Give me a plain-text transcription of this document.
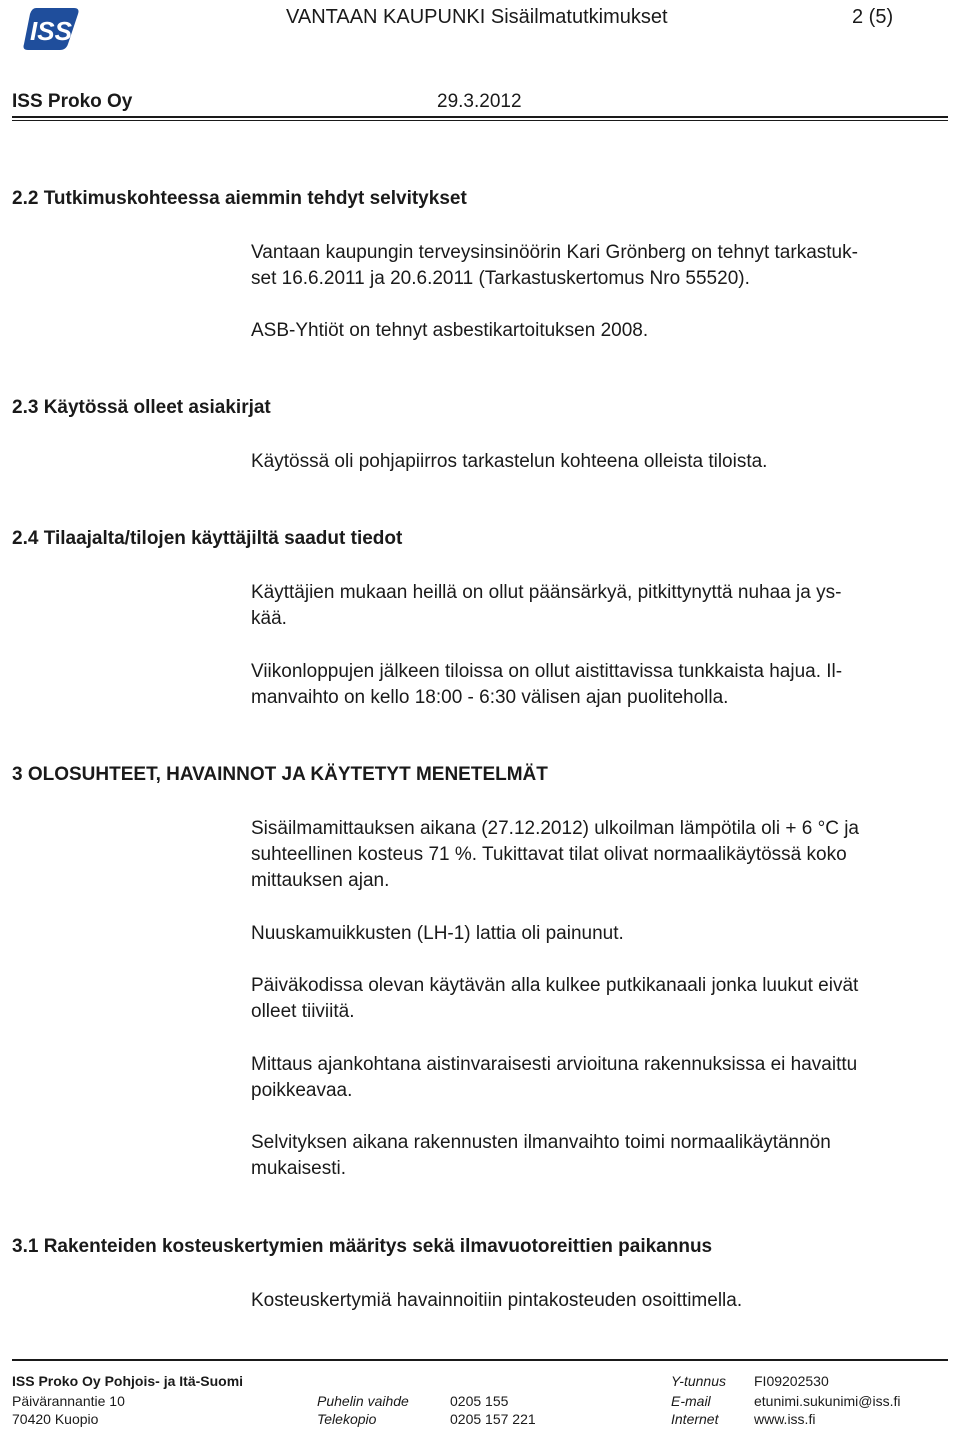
ISS	VANTAAN KAUPUNKI Sisäilmatutkimukset	2 (5)
ISS Proko Oy	29.3.2012
2.2 Tutkimuskohteessa aiemmin tehdyt selvitykset
Vantaan kaupungin terveysinsinöörin Kari Grönberg on tehnyt tarkastuk-
set 16.6.2011 ja 20.6.2011 (Tarkastuskertomus Nro 55520).
ASB-Yhtiöt on tehnyt asbestikartoituksen 2008.
2.3 Käytössä olleet asiakirjat
Käytössä oli pohjapiirros tarkastelun kohteena olleista tiloista.
2.4 Tilaajalta/tilojen käyttäjiltä saadut tiedot
Käyttäjien mukaan heillä on ollut päänsärkyä, pitkittynyttä nuhaa ja ys-
kää.
Viikonloppujen jälkeen tiloissa on ollut aistittavissa tunkkaista hajua. Il-
manvaihto on kello 18:00 - 6:30 välisen ajan puoliteholla.
3 OLOSUHTEET, HAVAINNOT JA KÄYTETYT MENETELMÄT
Sisäilmamittauksen aikana (27.12.2012) ulkoilman lämpötila oli + 6 °C ja
suhteellinen kosteus 71 %. Tukittavat tilat olivat normaalikäytössä koko
mittauksen ajan.
Nuuskamuikkusten (LH-1) lattia oli painunut.
Päiväkodissa olevan käytävän alla kulkee putkikanaali jonka luukut eivät
olleet tiiviitä.
Mittaus ajankohtana aistinvaraisesti arvioituna rakennuksissa ei havaittu
poikkeavaa.
Selvityksen aikana rakennusten ilmanvaihto toimi normaalikäytännön
mukaisesti.
3.1 Rakenteiden kosteuskertymien määritys sekä ilmavuotoreittien paikannus
Kosteuskertymiä havainnoitiin pintakosteuden osoittimella.
ISS Proko Oy Pohjois- ja Itä-Suomi
Päivärannantie 10
70420 Kuopio
Puhelin vaihde	0205 155
Telekopio	0205 157 221
Y-tunnus FI09202530
E-mail	etunimi.sukunimi@iss.fi
Internet	www.iss.fi
